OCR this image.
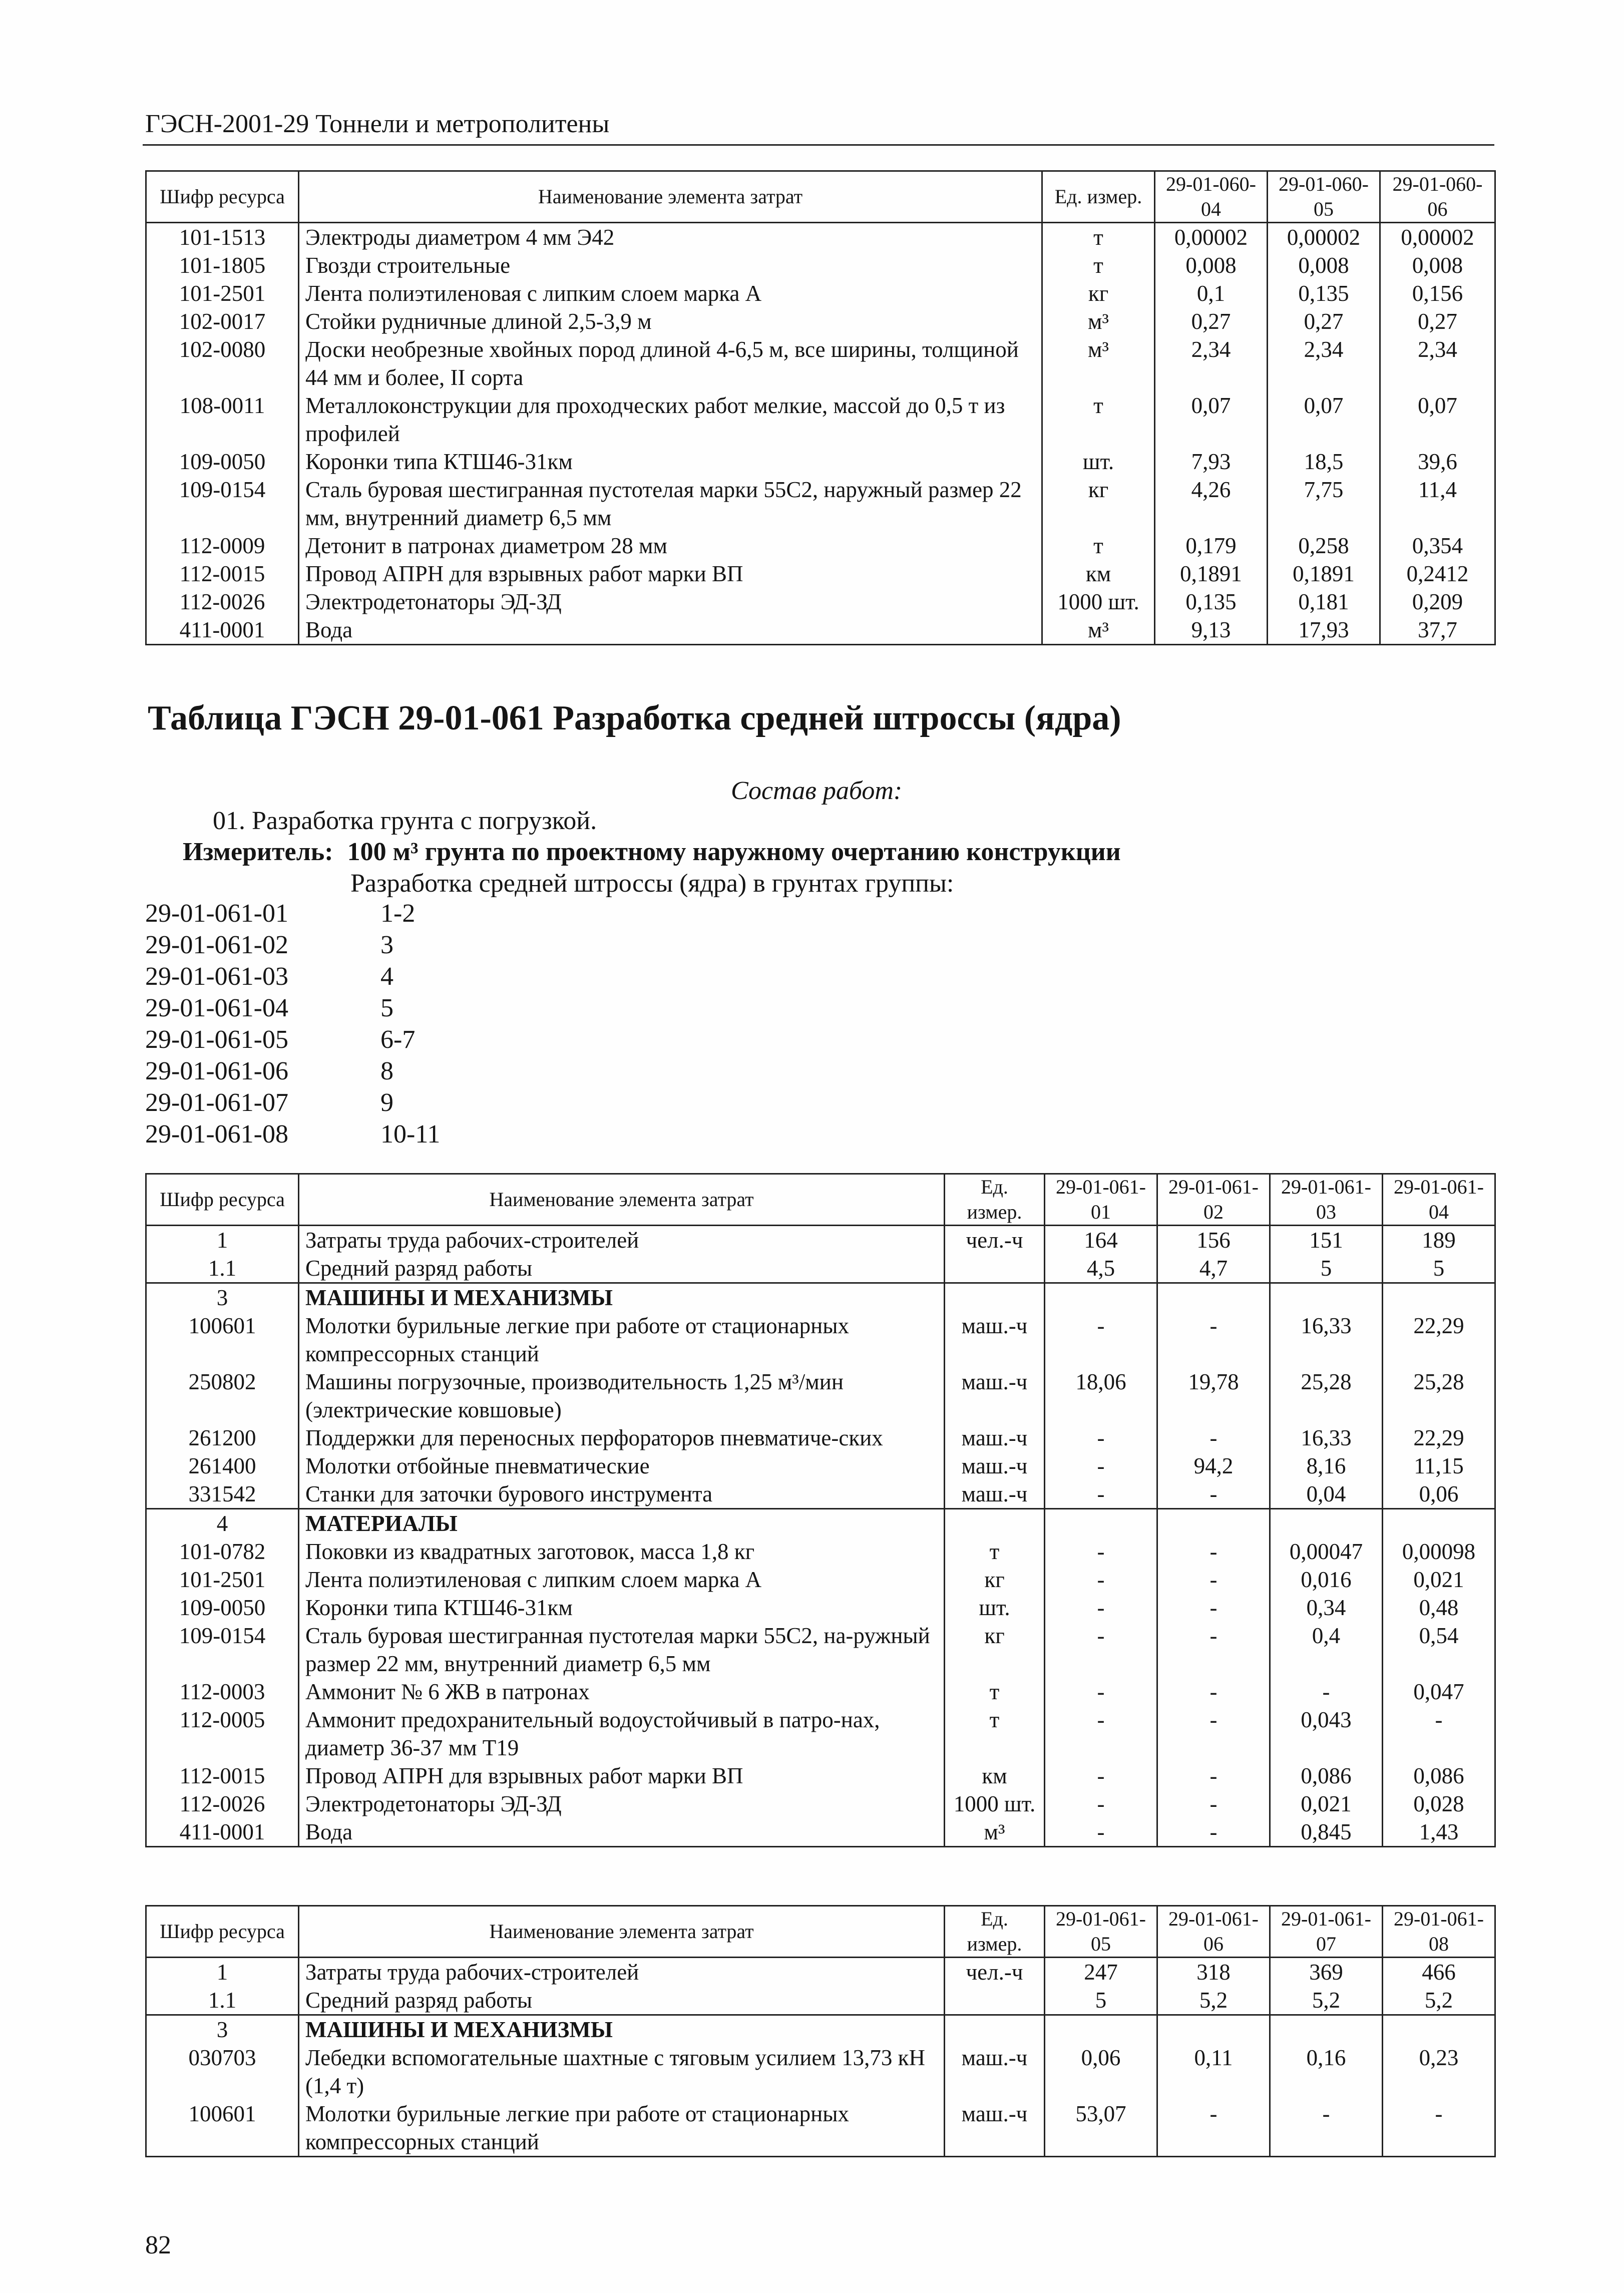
ГЭСН-2001-29 Тоннели и метрополитены
Шифр ресурса	Наименование элемента затрат	Ед. измер.	29-01-060-04	29-01-060-05	29-01-060-06
101-1513	Электроды диаметром 4 мм Э42	т	0,00002	0,00002	0,00002
101-1805	Гвозди строительные	т	0,008	0,008	0,008
101-2501	Лента полиэтиленовая с липким слоем марка А	кг	0,1	0,135	0,156
102-0017	Стойки рудничные длиной 2,5-3,9 м	м³	0,27	0,27	0,27
102-0080	Доски необрезные хвойных пород длиной 4-6,5 м, все ширины, толщиной 44 мм и более, II сорта	м³	2,34	2,34	2,34
108-0011	Металлоконструкции для проходческих работ мелкие, массой до 0,5 т из профилей	т	0,07	0,07	0,07
109-0050	Коронки типа КТШ46-31км	шт.	7,93	18,5	39,6
109-0154	Сталь буровая шестигранная пустотелая марки 55С2, наружный размер 22 мм, внутренний диаметр 6,5 мм	кг	4,26	7,75	11,4
112-0009	Детонит в патронах диаметром 28 мм	т	0,179	0,258	0,354
112-0015	Провод АПРН для взрывных работ марки ВП	км	0,1891	0,1891	0,2412
112-0026	Электродетонаторы ЭД-ЗД	1000 шт.	0,135	0,181	0,209
411-0001	Вода	м³	9,13	17,93	37,7
Таблица ГЭСН 29-01-061 Разработка средней штроссы (ядра)
Состав работ:
01. Разработка грунта с погрузкой.
Измеритель: 100 м³ грунта по проектному наружному очертанию конструкции
Разработка средней штроссы (ядра) в грунтах группы:
29-01-061-01	1-2
29-01-061-02	3
29-01-061-03	4
29-01-061-04	5
29-01-061-05	6-7
29-01-061-06	8
29-01-061-07	9
29-01-061-08	10-11
Шифр ресурса	Наименование элемента затрат	Ед. измер.	29-01-061-01	29-01-061-02	29-01-061-03	29-01-061-04
1	Затраты труда рабочих-строителей	чел.-ч	164	156	151	189
1.1	Средний разряд работы		4,5	4,7	5	5
3	МАШИНЫ И МЕХАНИЗМЫ					
100601	Молотки бурильные легкие при работе от стационарных компрессорных станций	маш.-ч	-	-	16,33	22,29
250802	Машины погрузочные, производительность 1,25 м³/мин (электрические ковшовые)	маш.-ч	18,06	19,78	25,28	25,28
261200	Поддержки для переносных перфораторов пневматиче-ских	маш.-ч	-	-	16,33	22,29
261400	Молотки отбойные пневматические	маш.-ч	-	94,2	8,16	11,15
331542	Станки для заточки бурового инструмента	маш.-ч	-	-	0,04	0,06
4	МАТЕРИАЛЫ					
101-0782	Поковки из квадратных заготовок, масса 1,8 кг	т	-	-	0,00047	0,00098
101-2501	Лента полиэтиленовая с липким слоем марка А	кг	-	-	0,016	0,021
109-0050	Коронки типа КТШ46-31км	шт.	-	-	0,34	0,48
109-0154	Сталь буровая шестигранная пустотелая марки 55С2, на-ружный размер 22 мм, внутренний диаметр 6,5 мм	кг	-	-	0,4	0,54
112-0003	Аммонит № 6 ЖВ в патронах	т	-	-	-	0,047
112-0005	Аммонит предохранительный водоустойчивый в патро-нах, диаметр 36-37 мм Т19	т	-	-	0,043	-
112-0015	Провод АПРН для взрывных работ марки ВП	км	-	-	0,086	0,086
112-0026	Электродетонаторы ЭД-ЗД	1000 шт.	-	-	0,021	0,028
411-0001	Вода	м³	-	-	0,845	1,43
Шифр ресурса	Наименование элемента затрат	Ед. измер.	29-01-061-05	29-01-061-06	29-01-061-07	29-01-061-08
1	Затраты труда рабочих-строителей	чел.-ч	247	318	369	466
1.1	Средний разряд работы		5	5,2	5,2	5,2
3	МАШИНЫ И МЕХАНИЗМЫ					
030703	Лебедки вспомогательные шахтные с тяговым усилием 13,73 кН (1,4 т)	маш.-ч	0,06	0,11	0,16	0,23
100601	Молотки бурильные легкие при работе от стационарных компрессорных станций	маш.-ч	53,07	-	-	-
82
